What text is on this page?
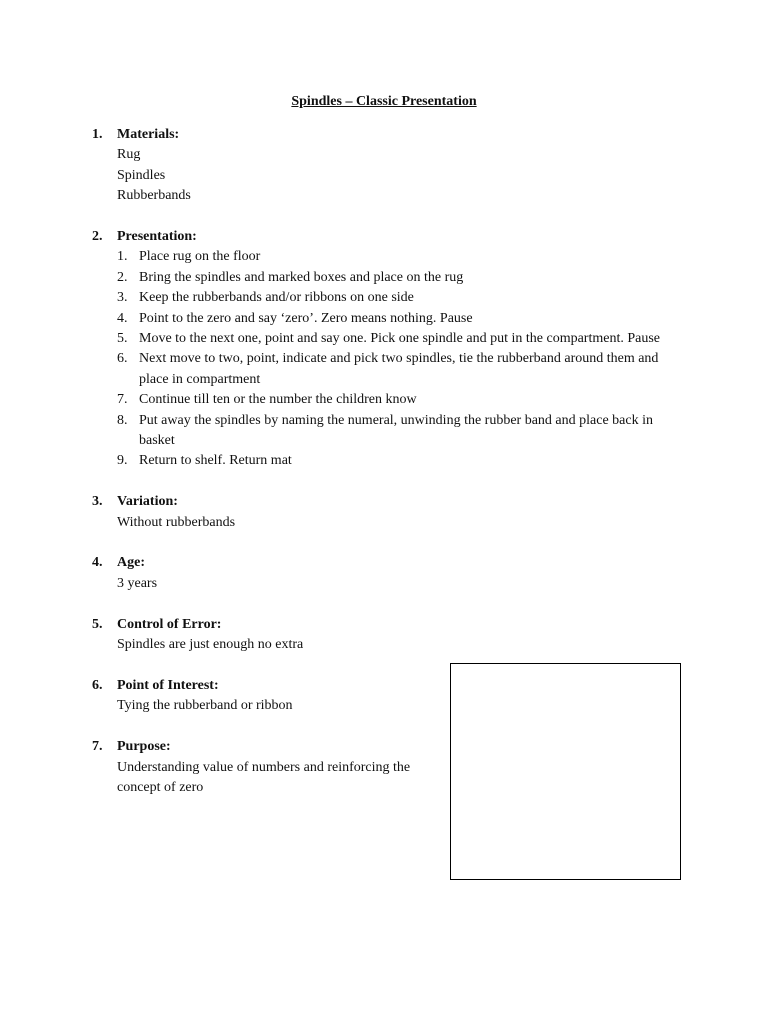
Spindles – Classic Presentation
1. Materials:
Rug
Spindles
Rubberbands
2. Presentation:
1. Place rug on the floor
2. Bring the spindles and marked boxes and place on the rug
3. Keep the rubberbands and/or ribbons on one side
4. Point to the zero and say ‘zero’. Zero means nothing. Pause
5. Move to the next one, point and say one. Pick one spindle and put in the compartment. Pause
6. Next move to two, point, indicate and pick two spindles, tie the rubberband around them and place in compartment
7. Continue till ten or the number the children know
8. Put away the spindles by naming the numeral, unwinding the rubber band and place back in basket
9. Return to shelf. Return mat
3. Variation:
Without rubberbands
4. Age:
3 years
5. Control of Error:
Spindles are just enough no extra
6. Point of Interest:
Tying the rubberband or ribbon
7. Purpose:
Understanding value of numbers and reinforcing the concept of zero
